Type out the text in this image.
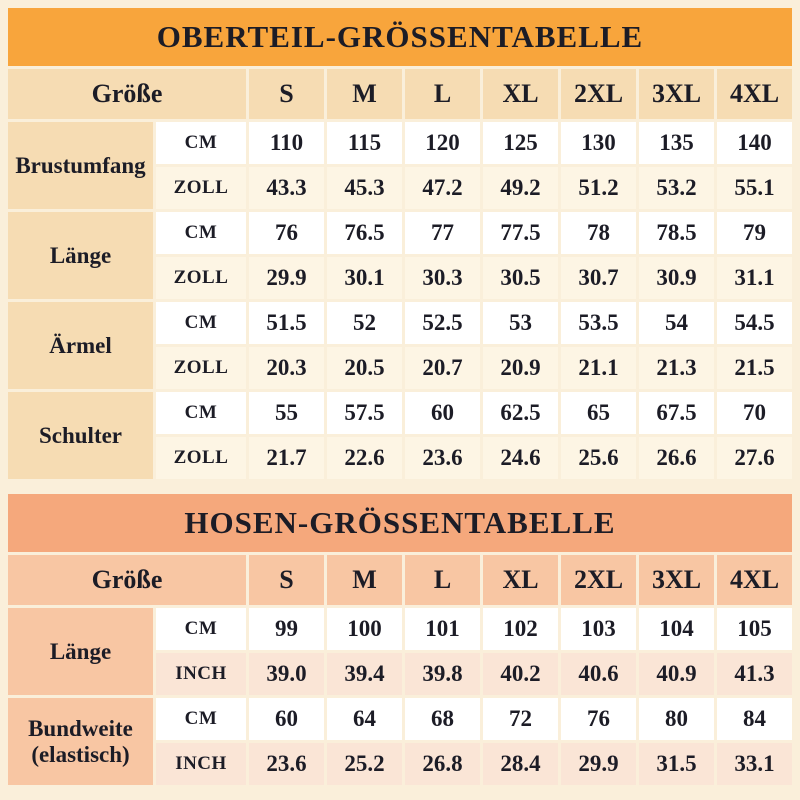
OBERTEIL-GRÖSSENTABELLE
Größe	S	M	L	XL	2XL	3XL	4XL
Brustumfang
CM	110	115	120	125	130	135	140
ZOLL	43.3	45.3	47.2	49.2	51.2	53.2	55.1
Länge
CM	76	76.5	77	77.5	78	78.5	79
ZOLL	29.9	30.1	30.3	30.5	30.7	30.9	31.1
Ärmel
CM	51.5	52	52.5	53	53.5	54	54.5
ZOLL	20.3	20.5	20.7	20.9	21.1	21.3	21.5
Schulter
CM	55	57.5	60	62.5	65	67.5	70
ZOLL	21.7	22.6	23.6	24.6	25.6	26.6	27.6
HOSEN-GRÖSSENTABELLE
Größe	S	M	L	XL	2XL	3XL	4XL
Länge
CM	99	100	101	102	103	104	105
INCH	39.0	39.4	39.8	40.2	40.6	40.9	41.3
Bundweite (elastisch)
CM	60	64	68	72	76	80	84
INCH	23.6	25.2	26.8	28.4	29.9	31.5	33.1
